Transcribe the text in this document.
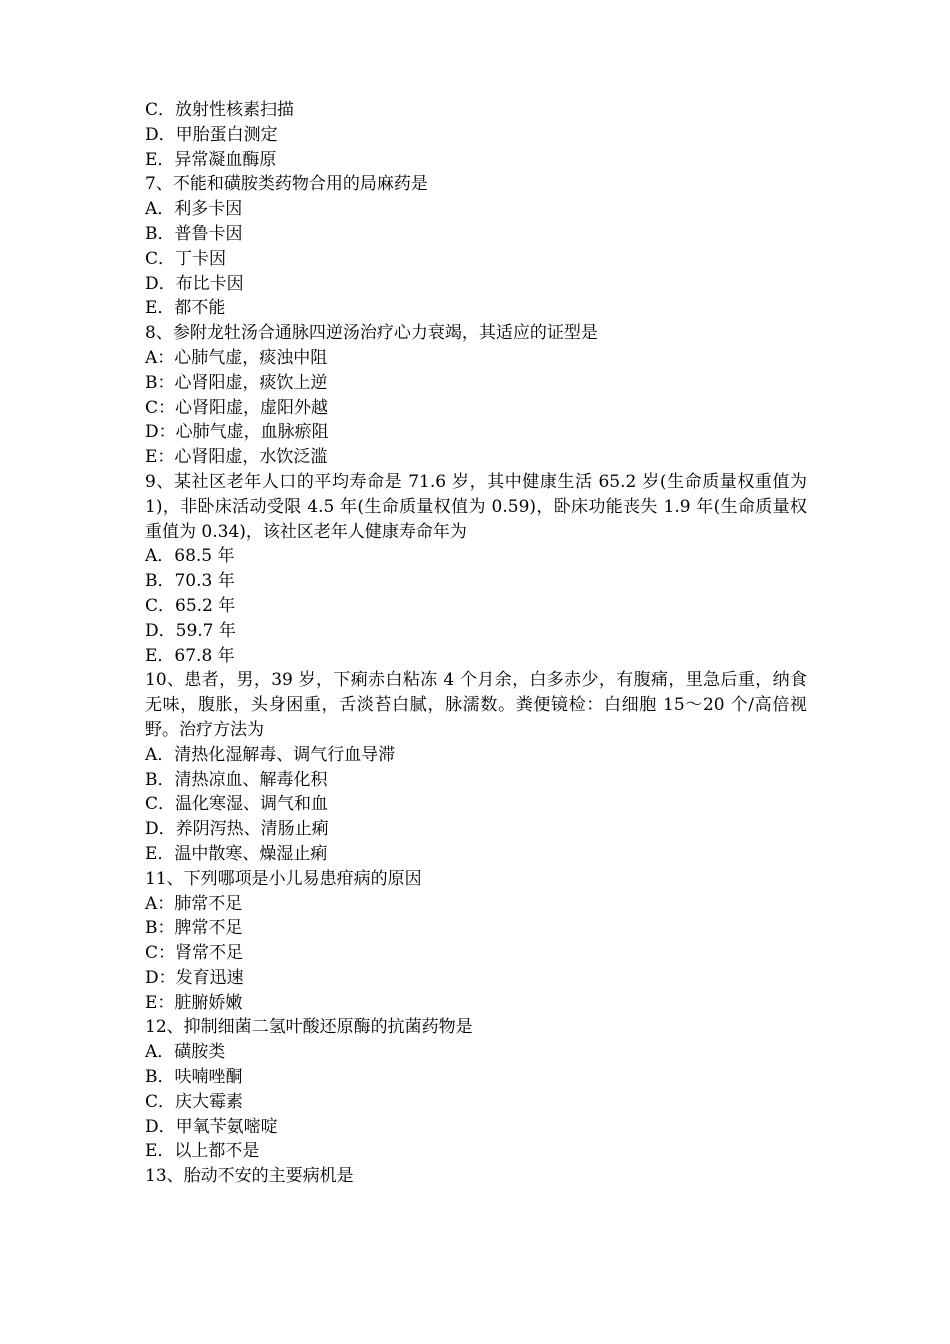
C．放射性核素扫描
D．甲胎蛋白测定
E．异常凝血酶原
7、不能和磺胺类药物合用的局麻药是
A．利多卡因
B．普鲁卡因
C．丁卡因
D．布比卡因
E．都不能
8、参附龙牡汤合通脉四逆汤治疗心力衰竭，其适应的证型是
A：心肺气虚，痰浊中阻
B：心肾阳虚，痰饮上逆
C：心肾阳虚，虚阳外越
D：心肺气虚，血脉瘀阻
E：心肾阳虚，水饮泛滥
9、某社区老年人口的平均寿命是 71.6 岁，其中健康生活 65.2 岁(生命质量权重值为 1)，非卧床活动受限 4.5 年(生命质量权值为 0.59)，卧床功能丧失 1.9 年(生命质量权重值为 0.34)，该社区老年人健康寿命年为
A．68.5 年
B．70.3 年
C．65.2 年
D．59.7 年
E．67.8 年
10、患者，男，39 岁，下痢赤白粘冻 4 个月余，白多赤少，有腹痛，里急后重，纳食无味，腹胀，头身困重，舌淡苔白腻，脉濡数。粪便镜检：白细胞 15～20 个/高倍视野。治疗方法为
A．清热化湿解毒、调气行血导滞
B．清热凉血、解毒化积
C．温化寒湿、调气和血
D．养阴泻热、清肠止痢
E．温中散寒、燥湿止痢
11、下列哪项是小儿易患疳病的原因
A：肺常不足
B：脾常不足
C：肾常不足
D：发育迅速
E：脏腑娇嫩
12、抑制细菌二氢叶酸还原酶的抗菌药物是
A．磺胺类
B．呋喃唑酮
C．庆大霉素
D．甲氧苄氨嘧啶
E．以上都不是
13、胎动不安的主要病机是
